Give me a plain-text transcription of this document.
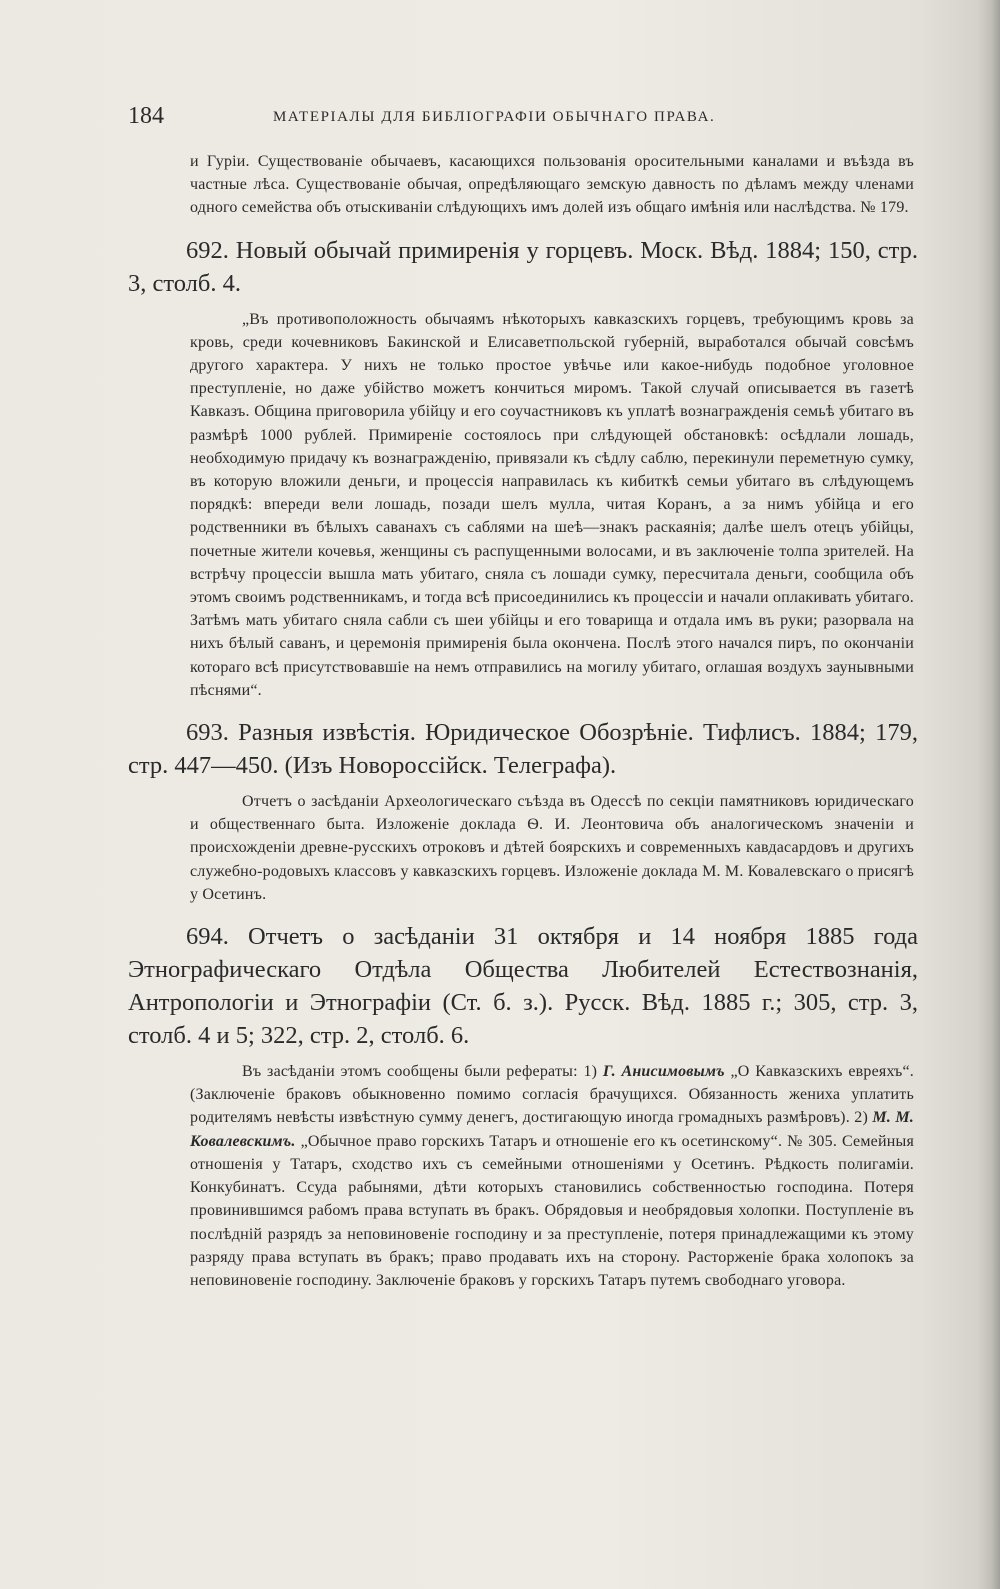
184	МАТЕРІАЛЫ ДЛЯ БИБЛІОГРАФІИ ОБЫЧНАГО ПРАВА.

и Гуріи. Существованіе обычаевъ, касающихся пользованія оросительными каналами и въѣзда въ частные лѣса. Существованіе обычая, опредѣляющаго земскую давность по дѣламъ между членами одного семейства объ отыскиваніи слѣдующихъ имъ долей изъ общаго имѣнія или наслѣдства. № 179.

692. Новый обычай примиренія у горцевъ. Моск. Вѣд. 1884; 150, стр. 3, столб. 4.

„Въ противоположность обычаямъ нѣкоторыхъ кавказскихъ горцевъ, требующимъ кровь за кровь, среди кочевниковъ Бакинской и Елисаветпольской губерній, выработался обычай совсѣмъ другого характера. У нихъ не только простое увѣчье или какое-нибудь подобное уголовное преступленіе, но даже убійство можетъ кончиться миромъ. Такой случай описывается въ газетѣ Кавказъ. Община приговорила убійцу и его соучастниковъ къ уплатѣ вознагражденія семьѣ убитаго въ размѣрѣ 1000 рублей. Примиреніе состоялось при слѣдующей обстановкѣ: осѣдлали лошадь, необходимую придачу къ вознагражденію, привязали къ сѣдлу саблю, перекинули переметную сумку, въ которую вложили деньги, и процессія направилась къ кибиткѣ семьи убитаго въ слѣдующемъ порядкѣ: впереди вели лошадь, позади шелъ мулла, читая Коранъ, а за нимъ убійца и его родственники въ бѣлыхъ саванахъ съ саблями на шеѣ—знакъ раскаянія; далѣе шелъ отецъ убійцы, почетные жители кочевья, женщины съ распущенными волосами, и въ заключеніе толпа зрителей. На встрѣчу процессіи вышла мать убитаго, сняла съ лошади сумку, пересчитала деньги, сообщила объ этомъ своимъ родственникамъ, и тогда всѣ присоединились къ процессіи и начали оплакивать убитаго. Затѣмъ мать убитаго сняла сабли съ шеи убійцы и его товарища и отдала имъ въ руки; разорвала на нихъ бѣлый саванъ, и церемонія примиренія была окончена. Послѣ этого начался пиръ, по окончаніи котораго всѣ присутствовавшіе на немъ отправились на могилу убитаго, оглашая воздухъ заунывными пѣснями“.

693. Разныя извѣстія. Юридическое Обозрѣніе. Тифлисъ. 1884; 179, стр. 447—450. (Изъ Новороссійск. Телеграфа).

Отчетъ о засѣданіи Археологическаго съѣзда въ Одессѣ по секціи памятниковъ юридическаго и общественнаго быта. Изложеніе доклада Ѳ. И. Леонтовича объ аналогическомъ значеніи и происхожденіи древне-русскихъ отроковъ и дѣтей боярскихъ и современныхъ кавдасардовъ и другихъ служебно-родовыхъ классовъ у кавказскихъ горцевъ. Изложеніе доклада М. М. Ковалевскаго о присягѣ у Осетинъ.

694. Отчетъ о засѣданіи 31 октября и 14 ноября 1885 года Этнографическаго Отдѣла Общества Любителей Естествознанія, Антропологіи и Этнографіи (Ст. б. з.). Русск. Вѣд. 1885 г.; 305, стр. 3, столб. 4 и 5; 322, стр. 2, столб. 6.

Въ засѣданіи этомъ сообщены были рефераты: 1) Г. Анисимовымъ „О Кавказскихъ евреяхъ“. (Заключеніе браковъ обыкновенно помимо согласія брачущихся. Обязанность жениха уплатить родителямъ невѣсты извѣстную сумму денегъ, достигающую иногда громадныхъ размѣровъ). 2) М. М. Ковалевскимъ. „Обычное право горскихъ Татаръ и отношеніе его къ осетинскому“. № 305. Семейныя отношенія у Татаръ, сходство ихъ съ семейными отношеніями у Осетинъ. Рѣдкость полигаміи. Конкубинатъ. Ссуда рабынями, дѣти которыхъ становились собственностью господина. Потеря провинившимся рабомъ права вступать въ бракъ. Обрядовыя и необрядовыя холопки. Поступленіе въ послѣдній разрядъ за неповиновеніе господину и за преступленіе, потеря принадлежащими къ этому разряду права вступать въ бракъ; право продавать ихъ на сторону. Расторженіе брака холопокъ за неповиновеніе господину. Заключеніе браковъ у горскихъ Татаръ путемъ свободнаго уговора.
